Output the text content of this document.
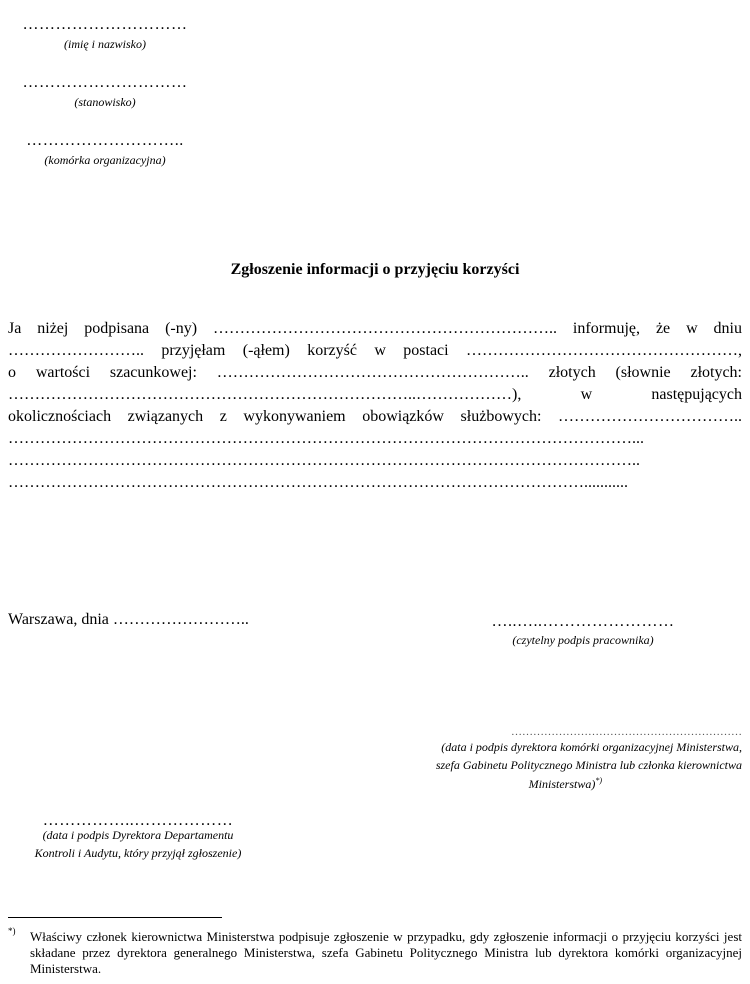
…………………………
(imię i nazwisko)
…………………………
(stanowisko)
………………………..
(komórka organizacyjna)
Zgłoszenie informacji o przyjęciu korzyści
Ja niżej podpisana (-ny) ……………………………………………………….. informuję, że w dniu
…………………….. przyjęłam (-ąłem) korzyść w postaci ……………………………………………,
o wartości szacunkowej: ………………………………………………….. złotych (słownie złotych:
…………………………………………………………………..………………), w następujących
okolicznościach związanych z wykonywaniem obowiązków służbowych: ……………………………..
………………………………………………………………………………………………………...
………………………………………………………………………………………………………..
………………………………………………………………………………………………...........
Warszawa, dnia ……………………..	…..…..……………………
(czytelny podpis pracownika)
………………………………………………………
(data i podpis dyrektora komórki organizacyjnej Ministerstwa,
szefa Gabinetu Politycznego Ministra lub członka kierownictwa
Ministerstwa)*)
……………..………………
(data i podpis Dyrektora Departamentu
Kontroli i Audytu, który przyjął zgłoszenie)
*) Właściwy członek kierownictwa Ministerstwa podpisuje zgłoszenie w przypadku, gdy zgłoszenie informacji o przyjęciu korzyści jest składane przez dyrektora generalnego Ministerstwa, szefa Gabinetu Politycznego Ministra lub dyrektora komórki organizacyjnej Ministerstwa.
